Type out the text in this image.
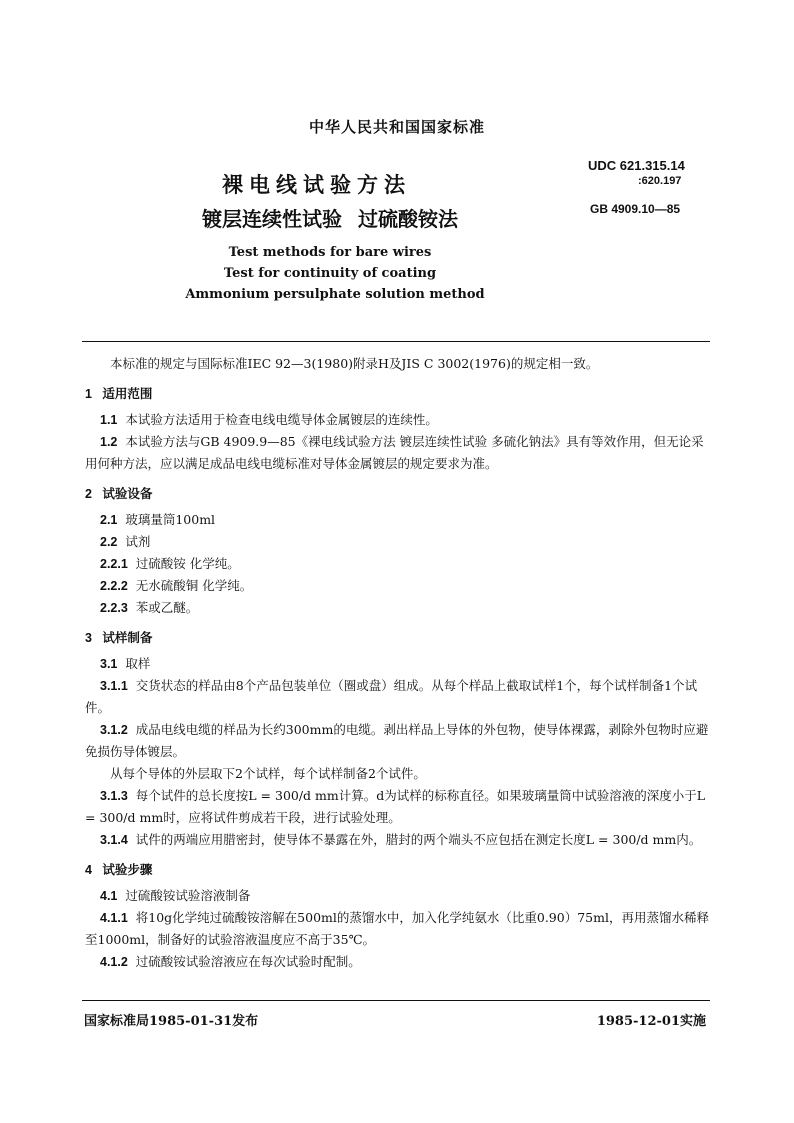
中华人民共和国国家标准
UDC 621.315.14
:620.197
GB 4909.10—85
裸电线试验方法
镀层连续性试验 过硫酸铵法
Test methods for bare wires
Test for continuity of coating
Ammonium persulphate solution method

本标准的规定与国际标准IEC 92—3(1980)附录H及JIS C 3002(1976)的规定相一致。

1 适用范围

1.1 本试验方法适用于检查电线电缆导体金属镀层的连续性。

1.2 本试验方法与GB 4909.9—85《裸电线试验方法 镀层连续性试验 多硫化钠法》具有等效作用，但无论采用何种方法，应以满足成品电线电缆标准对导体金属镀层的规定要求为准。

2 试验设备

2.1 玻璃量筒100ml

2.2 试剂

2.2.1 过硫酸铵 化学纯。

2.2.2 无水硫酸铜 化学纯。

2.2.3 苯或乙醚。

3 试样制备

3.1 取样

3.1.1 交货状态的样品由8个产品包装单位（圈或盘）组成。从每个样品上截取试样1个，每个试样制备1个试件。

3.1.2 成品电线电缆的样品为长约300mm的电缆。剥出样品上导体的外包物，使导体裸露，剥除外包物时应避免损伤导体镀层。

从每个导体的外层取下2个试样，每个试样制备2个试件。

3.1.3 每个试件的总长度按L = 300/d mm计算。d为试样的标称直径。如果玻璃量筒中试验溶液的深度小于L = 300/d mm时，应将试件剪成若干段，进行试验处理。

3.1.4 试件的两端应用腊密封，使导体不暴露在外，腊封的两个端头不应包括在测定长度L = 300/d mm内。

4 试验步骤

4.1 过硫酸铵试验溶液制备

4.1.1 将10g化学纯过硫酸铵溶解在500ml的蒸馏水中，加入化学纯氨水（比重0.90）75ml，再用蒸馏水稀释至1000ml，制备好的试验溶液温度应不高于35℃。

4.1.2 过硫酸铵试验溶液应在每次试验时配制。

国家标准局1985-01-31发布	1985-12-01实施
